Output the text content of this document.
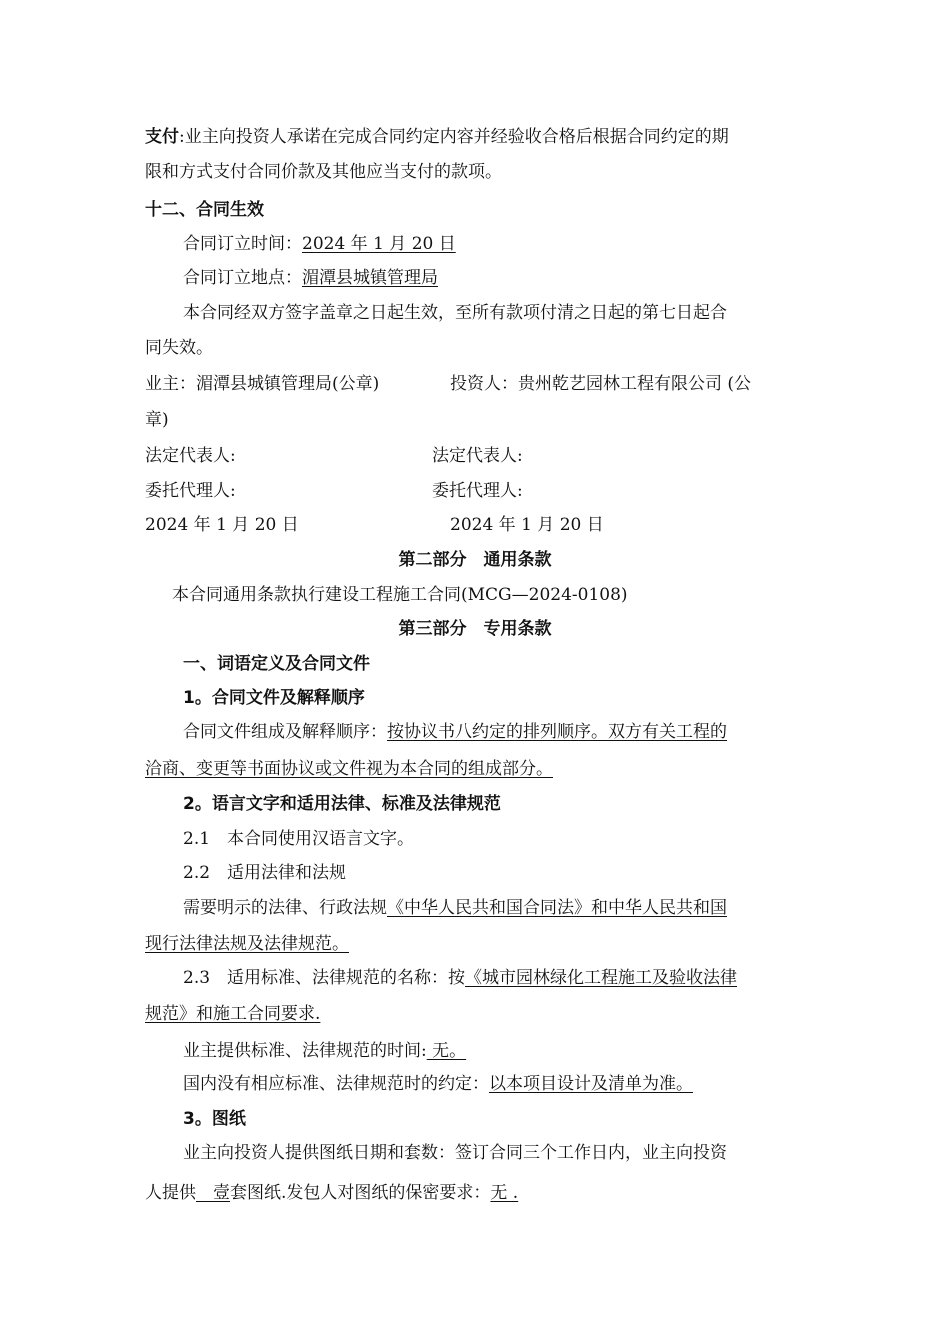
支付:业主向投资人承诺在完成合同约定内容并经验收合格后根据合同约定的期
限和方式支付合同价款及其他应当支付的款项。
十二、合同生效
合同订立时间：2024 年 1 月 20 日
合同订立地点：湄潭县城镇管理局
本合同经双方签字盖章之日起生效，至所有款项付清之日起的第七日起合
同失效。
业主：湄潭县城镇管理局(公章)	投资人：贵州乾艺园林工程有限公司 (公
章)
法定代表人:	法定代表人:
委托代理人:	委托代理人:
2024 年 1 月 20 日	2024 年 1 月 20 日
第二部分　通用条款
本合同通用条款执行建设工程施工合同(MCG—2024-0108)
第三部分　专用条款
一、词语定义及合同文件
1。合同文件及解释顺序
合同文件组成及解释顺序：按协议书八约定的排列顺序。双方有关工程的
洽商、变更等书面协议或文件视为本合同的组成部分。
2。语言文字和适用法律、标准及法律规范
2.1　本合同使用汉语言文字。
2.2　适用法律和法规
需要明示的法律、行政法规《中华人民共和国合同法》和中华人民共和国
现行法律法规及法律规范。
2.3　适用标准、法律规范的名称：按《城市园林绿化工程施工及验收法律
规范》和施工合同要求.
业主提供标准、法律规范的时间: 无。
国内没有相应标准、法律规范时的约定：以本项目设计及清单为准。
3。图纸
业主向投资人提供图纸日期和套数：签订合同三个工作日内，业主向投资
人提供　壹套图纸.发包人对图纸的保密要求：无 .
